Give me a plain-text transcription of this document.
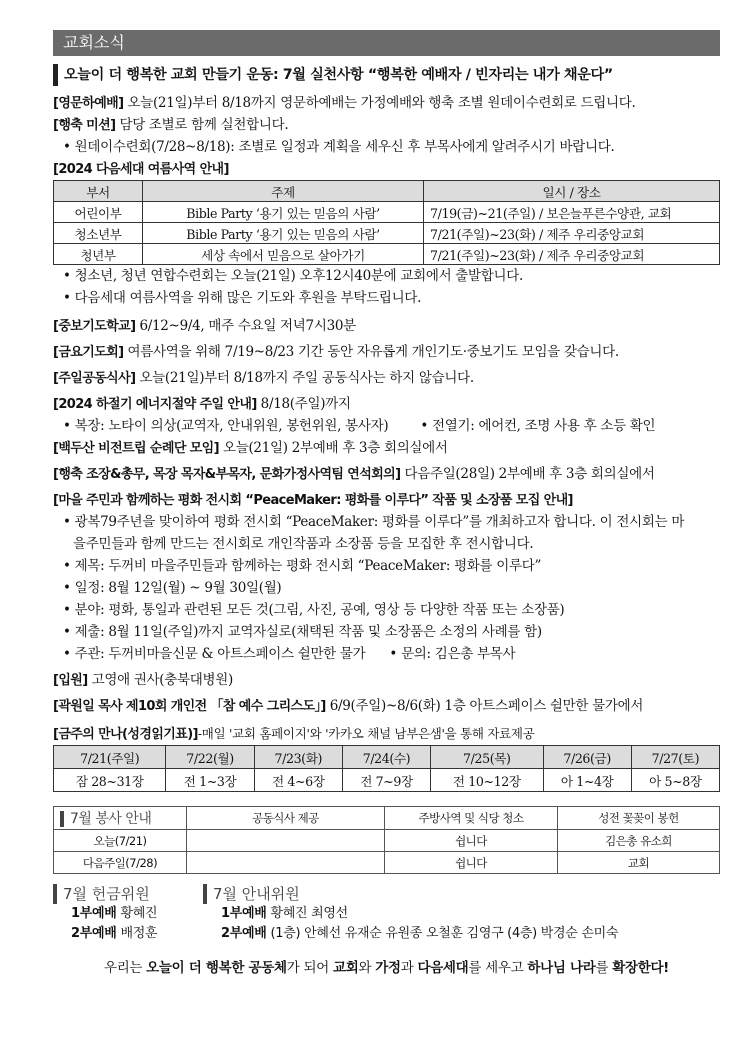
교회소식
오늘이 더 행복한 교회 만들기 운동: 7월 실천사항 “행복한 예배자 / 빈자리는 내가 채운다”
[영문하예배] 오늘(21일)부터 8/18까지 영문하예배는 가정예배와 행축 조별 원데이수련회로 드립니다.
[행축 미션] 담당 조별로 함께 실천합니다.
• 원데이수련회(7/28~8/18): 조별로 일정과 계획을 세우신 후 부목사에게 알려주시기 바랍니다.
[2024 다음세대 여름사역 안내]
부서	주제	일시 / 장소
어린이부	Bible Party ‘용기 있는 믿음의 사람’	7/19(금)~21(주일) / 보은늘푸른수양관, 교회
청소년부	Bible Party ‘용기 있는 믿음의 사람’	7/21(주일)~23(화) / 제주 우리중앙교회
청년부	세상 속에서 믿음으로 살아가기	7/21(주일)~23(화) / 제주 우리중앙교회
• 청소년, 청년 연합수련회는 오늘(21일) 오후12시40분에 교회에서 출발합니다.
• 다음세대 여름사역을 위해 많은 기도와 후원을 부탁드립니다.
[중보기도학교] 6/12~9/4, 매주 수요일 저녁7시30분
[금요기도회] 여름사역을 위해 7/19~8/23 기간 동안 자유롭게 개인기도·중보기도 모임을 갖습니다.
[주일공동식사] 오늘(21일)부터 8/18까지 주일 공동식사는 하지 않습니다.
[2024 하절기 에너지절약 주일 안내] 8/18(주일)까지
• 복장: 노타이 의상(교역자, 안내위원, 봉헌위원, 봉사자)	• 전열기: 에어컨, 조명 사용 후 소등 확인
[백두산 비전트립 순례단 모임] 오늘(21일) 2부예배 후 3층 회의실에서
[행축 조장&총무, 목장 목자&부목자, 문화가정사역팀 연석회의] 다음주일(28일) 2부예배 후 3층 회의실에서
[마을 주민과 함께하는 평화 전시회 “PeaceMaker: 평화를 이루다” 작품 및 소장품 모집 안내]
• 광복79주년을 맞이하여 평화 전시회 “PeaceMaker: 평화를 이루다”를 개최하고자 합니다. 이 전시회는 마
을주민들과 함께 만드는 전시회로 개인작품과 소장품 등을 모집한 후 전시합니다.
• 제목: 두꺼비 마을주민들과 함께하는 평화 전시회 “PeaceMaker: 평화를 이루다”
• 일정: 8월 12일(월) ~ 9월 30일(월)
• 분야: 평화, 통일과 관련된 모든 것(그림, 사진, 공예, 영상 등 다양한 작품 또는 소장품)
• 제출: 8월 11일(주일)까지 교역자실로(채택된 작품 및 소장품은 소정의 사례를 함)
• 주관: 두꺼비마을신문 & 아트스페이스 쉴만한 물가	• 문의: 김은총 부목사
[입원] 고영애 권사(충북대병원)
[곽원일 목사 제10회 개인전 「참 예수 그리스도」] 6/9(주일)~8/6(화) 1층 아트스페이스 쉴만한 물가에서
[금주의 만나(성경읽기표)]-매일 '교회 홈페이지'와 '카카오 채널 남부은샘'을 통해 자료제공
7/21(주일)	7/22(월)	7/23(화)	7/24(수)	7/25(목)	7/26(금)	7/27(토)
잠 28~31장	전 1~3장	전 4~6장	전 7~9장	전 10~12장	아 1~4장	아 5~8장
7월 봉사 안내	공동식사 제공	주방사역 및 식당 청소	성전 꽃꽂이 봉헌
오늘(7/21)		쉽니다	김은총 유소희
다음주일(7/28)		쉽니다	교회
7월 헌금위원
1부예배 황혜진
2부예배 배정훈
7월 안내위원
1부예배 황혜진 최영선
2부예배 (1층) 안혜선 유재순 유원종 오철훈 김영구 (4층) 박경순 손미숙
우리는 오늘이 더 행복한 공동체가 되어 교회와 가정과 다음세대를 세우고 하나님 나라를 확장한다!
